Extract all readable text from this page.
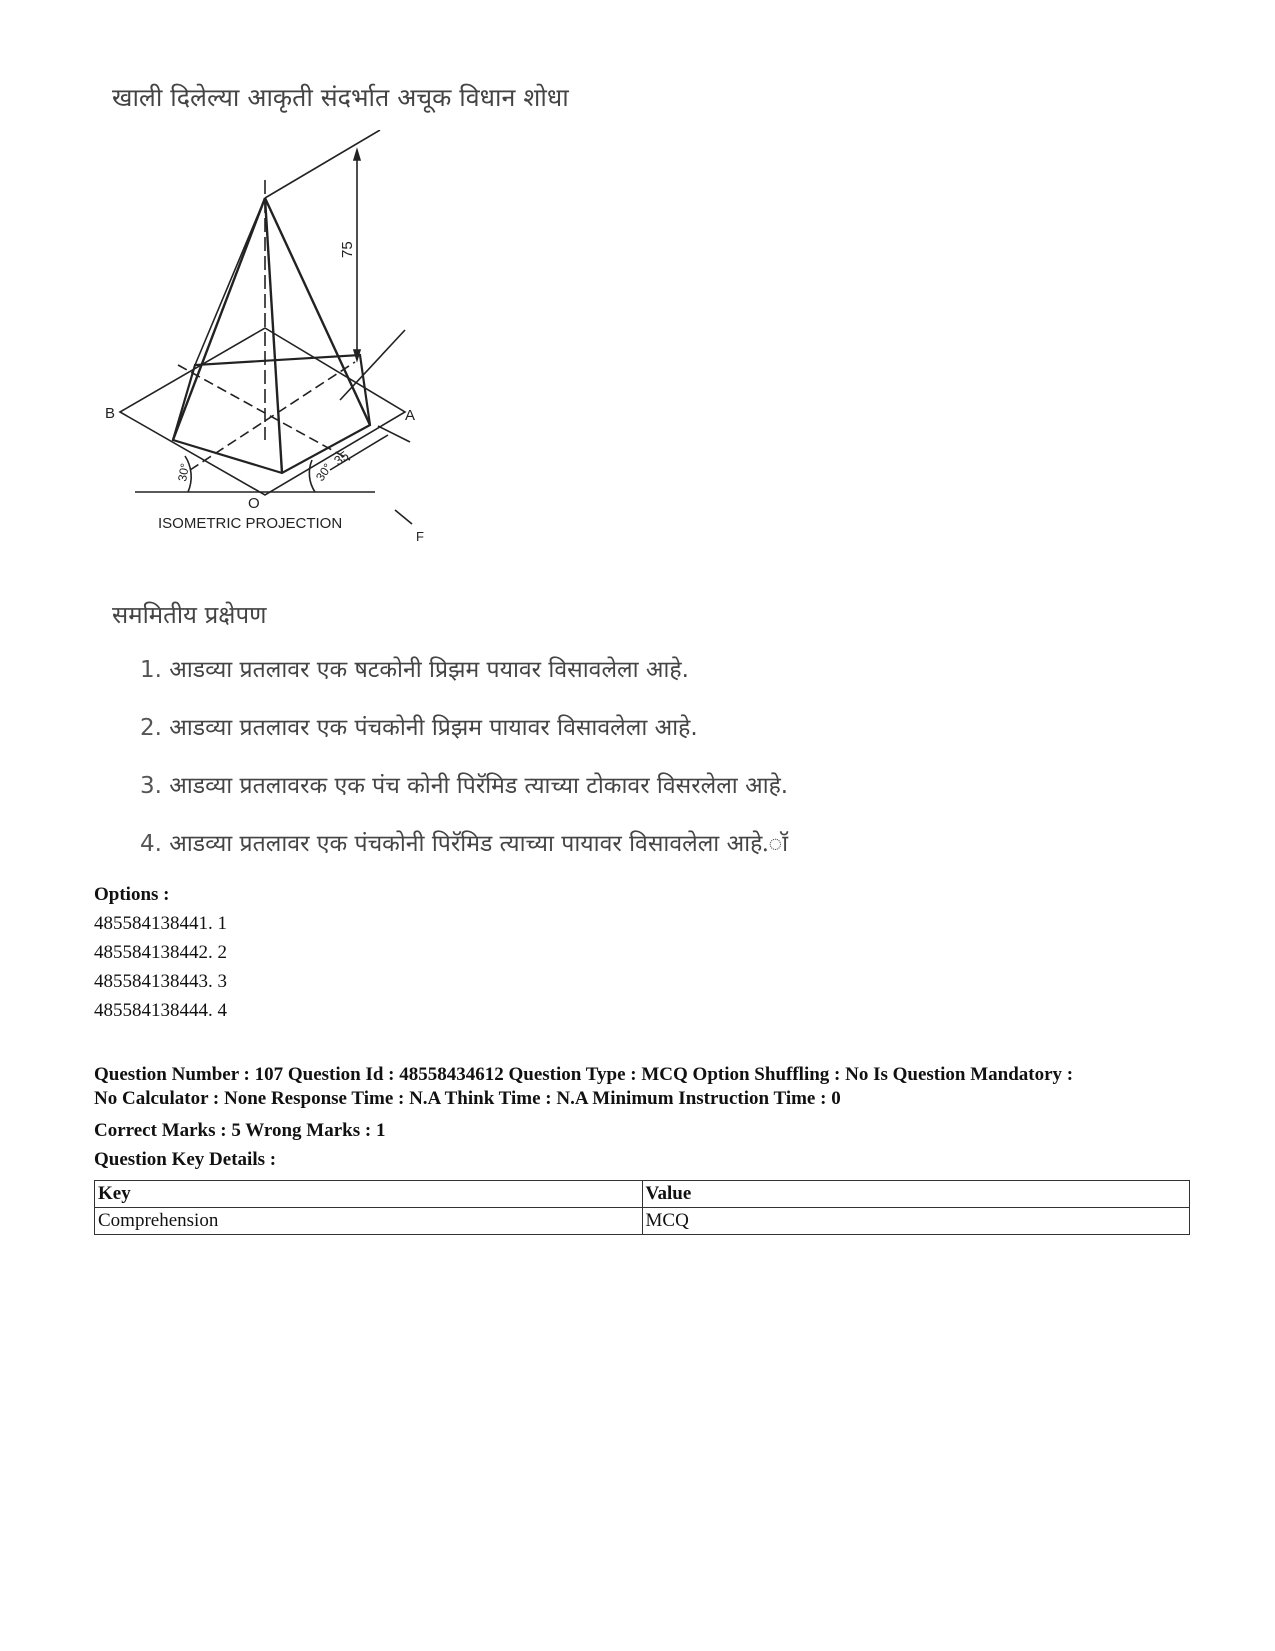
खाली दिलेल्या आकृती संदर्भात अचूक विधान शोधा
75
35
30°	30°
B	A
O
F
ISOMETRIC PROJECTION
सममितीय प्रक्षेपण
1. आडव्या प्रतलावर एक षटकोनी प्रिझम पयावर विसावलेला आहे.
2. आडव्या प्रतलावर एक पंचकोनी प्रिझम पायावर विसावलेला आहे.
3. आडव्या प्रतलावरक एक पंच कोनी पिरॅमिड त्याच्या टोकावर विसरलेला आहे.
4. आडव्या प्रतलावर एक पंचकोनी पिरॅमिड त्याच्या पायावर विसावलेला आहे.ॉ
Options :
485584138441. 1
485584138442. 2
485584138443. 3
485584138444. 4
Question Number : 107 Question Id : 48558434612 Question Type : MCQ Option Shuffling : No Is Question Mandatory :
No Calculator : None Response Time : N.A Think Time : N.A Minimum Instruction Time : 0
Correct Marks : 5 Wrong Marks : 1
Question Key Details :
Key	Value
Comprehension	MCQ
